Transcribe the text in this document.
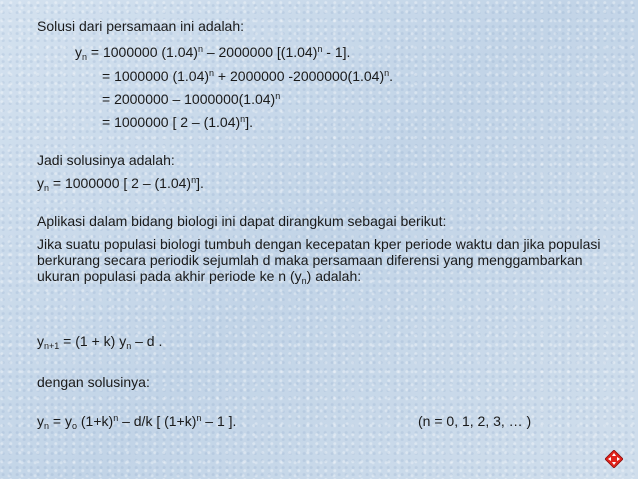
Solusi dari persamaan ini adalah:
$y_n = 1000000$ $(1.04)^n - 2000000$ $[(1.04)^n - 1]$.
= 1000000 $(1.04)^n + 2000000$ $-2000000(1.04)^n$.
= $2000000 - 1000000(1.04)^n$
= 1000000 [ $2 - (1.04)^n$].
Jadi solusinya adalah:
$y_n = 1000000$ [ $2 - (1.04)^n$].
Aplikasi dalam bidang biologi ini dapat dirangkum sebagai berikut:
Jika suatu populasi biologi tumbuh dengan kecepatan kper periode waktu dan jika populasi berkurang secara periodik sejumlah d maka persamaan diferensi yang menggambarkan ukuran populasi pada akhir periode ke n $(y_n)$ adalah:
$y_{n+1} = (1 + k)$ $y_n$ – d .
dengan solusinya:
$y_n = y_o$ $(1+k)^n - d/k$ [ $(1+k)^n - 1$ ].	(n = 0, 1, 2, 3, … )
